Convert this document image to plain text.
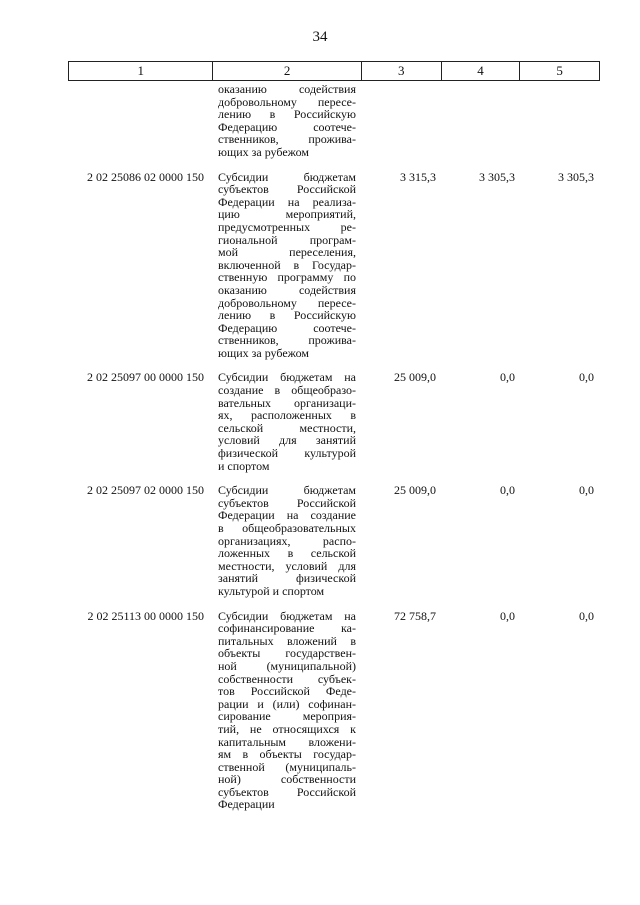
34
1	2	3	4	5
оказанию содействия
добровольному пересе-
лению в Российскую
Федерацию соотече-
ственников, прожива-
ющих за рубежом
2 02 25086 02 0000 150	Субсидии бюджетам
субъектов Российской
Федерации на реализа-
цию мероприятий,
предусмотренных ре-
гиональной програм-
мой переселения,
включенной в Государ-
ственную программу по
оказанию содействия
добровольному пересе-
лению в Российскую
Федерацию соотече-
ственников, прожива-
ющих за рубежом
3 315,3	3 305,3	3 305,3
2 02 25097 00 0000 150	Субсидии бюджетам на
создание в общеобразо-
вательных организаци-
ях, расположенных в
сельской местности,
условий для занятий
физической культурой
и спортом
25 009,0	0,0	0,0
2 02 25097 02 0000 150	Субсидии бюджетам
субъектов Российской
Федерации на создание
в общеобразовательных
организациях, распо-
ложенных в сельской
местности, условий для
занятий физической
культурой и спортом
25 009,0	0,0	0,0
2 02 25113 00 0000 150	Субсидии бюджетам на
софинансирование ка-
питальных вложений в
объекты государствен-
ной (муниципальной)
собственности субъек-
тов Российской Феде-
рации и (или) софинан-
сирование мероприя-
тий, не относящихся к
капитальным вложени-
ям в объекты государ-
ственной (муниципаль-
ной) собственности
субъектов Российской
Федерации
72 758,7	0,0	0,0
